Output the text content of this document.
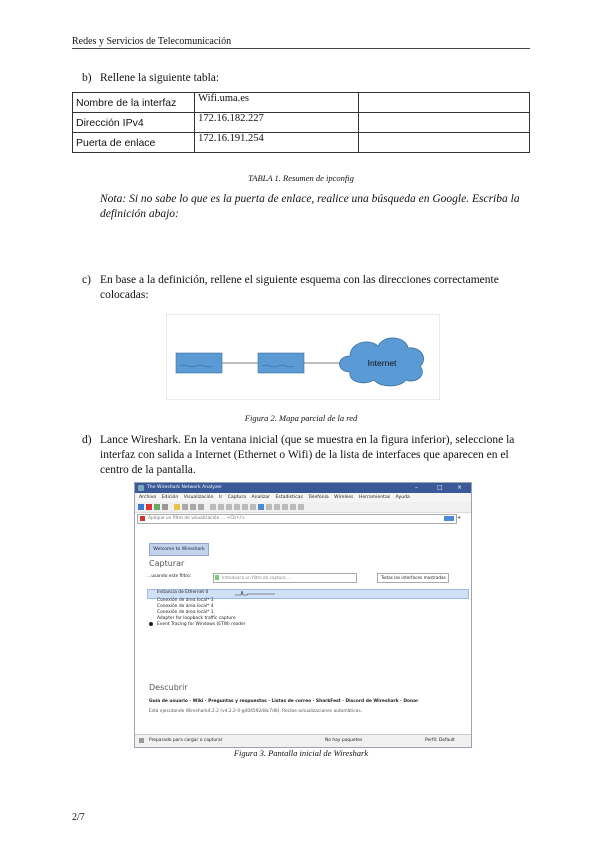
Redes y Servicios de Telecomunicación
b) Rellene la siguiente tabla:
Nombre de la interfaz	Wifi.uma.es	
Dirección IPv4	172.16.182.227	
Puerta de enlace	172.16.191.254	
TABLA 1. Resumen de ipconfig
Nota: Si no sabe lo que es la puerta de enlace, realice una búsqueda en Google. Escriba la definición abajo:
c) En base a la definición, rellene el siguiente esquema con las direcciones correctamente colocadas:
Internet
Figura 2. Mapa parcial de la red
d) Lance Wireshark. En la ventana inicial (que se muestra en la figura inferior), seleccione la interfaz con salida a Internet (Ethernet o Wifi) de la lista de interfaces que aparecen en el centro de la pantalla.
The Wireshark Network Analyzer	–	□ ×
Archivo Edición Visualización Ir Captura Analizar Estadísticas Telefonía Wireless Herramientas Ayuda
Aplique un filtro de visualización … <Ctrl-/>	+
Welcome to Wireshark
Capturar
…usando este filtro:	Introduzca un filtro de captura …	Todas las interfaces mostradas
Instancia de Ethernet 0
Conexión de área local* 3
Conexión de área local* 4
Conexión de área local* 1
Adapter for loopback traffic capture
Event Tracing for Windows (ETW) reader
Descubrir
Guía de usuario · Wiki · Preguntas y respuestas · Listas de correo · SharkFest · Discord de Wireshark · Donar
Está ejecutando Wireshark4.2.2 (v4.2.2-0-g404592d8c7d6). Recibe actualizaciones automáticas.
Preparado para cargar o capturar	No hay paquetes	Perfil: Default
Figura 3. Pantalla inicial de Wireshark
2/7
